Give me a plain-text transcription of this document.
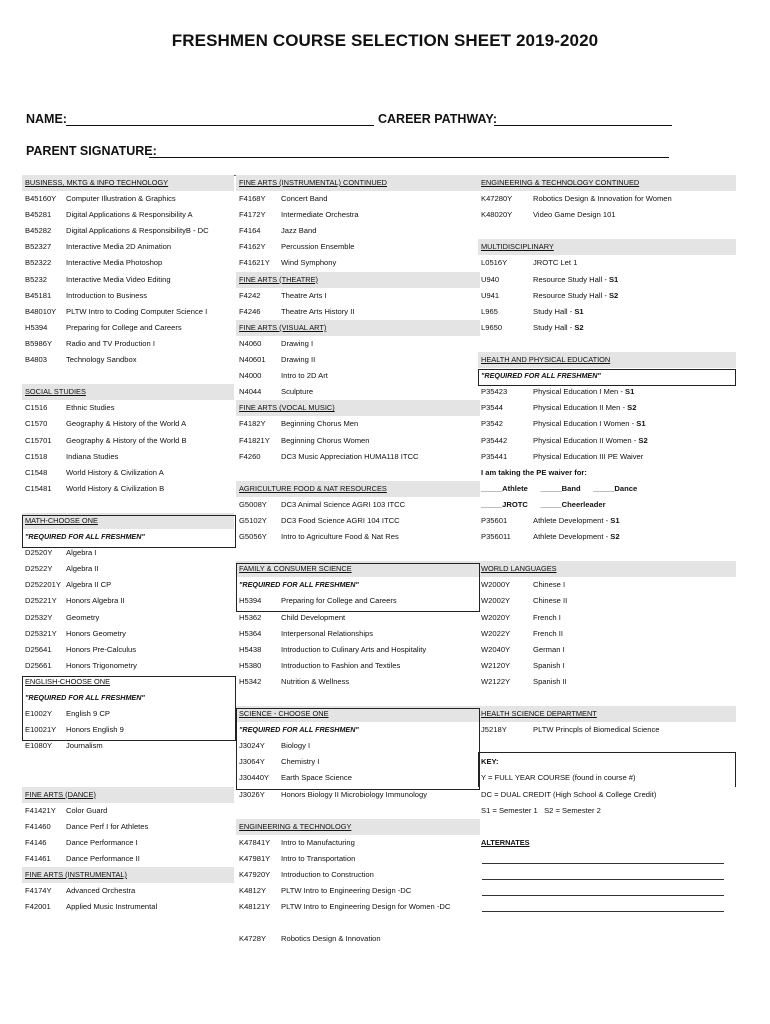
FRESHMEN COURSE SELECTION SHEET 2019-2020
NAME:	CAREER PATHWAY:
PARENT SIGNATURE:
BUSINESS, MKTG & INFO TECHNOLOGY
B45160Y Computer Illustration & Graphics
B45281 Digital Applications & Responsibility A
B45282 Digital Applications & ResponsibilityB - DC
B52327 Interactive Media 2D Animation
B52322 Interactive Media Photoshop
B5232	Interactive Media Video Editing
B45181 Introduction to Business
B48010Y PLTW Intro to Coding Computer Science I
H5394 Preparing for College and Careers
B5986Y Radio and TV Production I
B4803	Technology Sandbox
SOCIAL STUDIES
C1516 Ethnic Studies
C1570 Geography & History of the World A
C15701 Geography & History of the World B
C1518 Indiana Studies
C1548 World History & Civilization A
C15481 World History & Civilization B
MATH-CHOOSE ONE
"REQUIRED FOR ALL FRESHMEN"
D2520Y Algebra I
D2522Y Algebra II
D252201Y Algebra II CP
D25221Y Honors Algebra II
D2532Y Geometry
D25321Y Honors Geometry
D25641 Honors Pre-Calculus
D25661 Honors Trigonometry
ENGLISH-CHOOSE ONE
"REQUIRED FOR ALL FRESHMEN"
E1002Y English 9 CP
E10021Y Honors English 9
E1080Y Journalism
FINE ARTS (DANCE)
F41421Y Color Guard
F41460 Dance Perf I for Athletes
F4146	Dance Performance I
F41461 Dance Performance II
FINE ARTS (INSTRUMENTAL)
F4174Y Advanced Orchestra
F42001 Applied Music Instrumental
FINE ARTS (INSTRUMENTAL) CONTINUED
F4168Y Concert Band
F4172Y Intermediate Orchestra
F4164	Jazz Band
F4162Y Percussion Ensemble
F41621Y Wind Symphony
FINE ARTS (THEATRE)
F4242	Theatre Arts I
F4246	Theatre Arts History II
FINE ARTS (VISUAL ART)
N4060	Drawing I
N40601 Drawing II
N4000	Intro to 2D Art
N4044	Sculpture
FINE ARTS (VOCAL MUSIC)
F4182Y Beginning Chorus Men
F41821Y Beginning Chorus Women
F4260	DC3 Music Appreciation HUMA118 ITCC
AGRICULTURE FOOD & NAT RESOURCES
G5008Y DC3 Animal Science AGRI 103 ITCC
G5102Y DC3 Food Science AGRI 104 ITCC
G5056Y Intro to Agriculture Food & Nat Res
FAMILY & CONSUMER SCIENCE
"REQUIRED FOR ALL FRESHMEN"
H5394	Preparing for College and Careers
H5362	Child Development
H5364	Interpersonal Relationships
H5438	Introduction to Culinary Arts and Hospitality
H5380	Introduction to Fashion and Textiles
H5342	Nutrition & Wellness
SCIENCE - CHOOSE ONE
"REQUIRED FOR ALL FRESHMEN"
J3024Y Biology I
J3064Y Chemistry I
J30440Y Earth Space Science
J3026Y Honors Biology II Microbiology Immunology
ENGINEERING & TECHNOLOGY
K47841Y Intro to Manufacturing
K47981Y Intro to Transportation
K47920Y Introduction to Construction
K4812Y PLTW Intro to Engineering Design -DC
K48121Y PLTW Intro to Engineering Design for Women -DC
K4728Y Robotics Design & Innovation
ENGINEERING & TECHNOLOGY CONTINUED
K47280Y	Robotics Design & Innovation for Women
K48020Y	Video Game Design 101
MULTIDISCIPLINARY
L0516Y	JROTC Let 1
U940	Resource Study Hall - S1
U941	Resource Study Hall - S2
L965	Study Hall - S1
L9650	Study Hall - S2
HEALTH AND PHYSICAL EDUCATION
"REQUIRED FOR ALL FRESHMEN"
P35423	Physical Education I Men - S1
P3544	Physical Education II Men - S2
P3542	Physical Education I Women - S1
P35442	Physical Education II Women - S2
P35441	Physical Education III PE Waiver
I am taking the PE waiver for:
_____Athlete      _____Band      _____Dance
_____JROTC      _____Cheerleader
P35601	Athlete Development - S1
P356011	Athlete Development - S2
WORLD LANGUAGES
W2000Y	Chinese I
W2002Y	Chinese II
W2020Y	French I
W2022Y	French II
W2040Y	German I
W2120Y	Spanish I
W2122Y	Spanish II
HEALTH SCIENCE DEPARTMENT
J5218Y	PLTW Princpls of Biomedical Science
KEY:
Y = FULL YEAR COURSE (found in course #)
DC = DUAL CREDIT (High School & College Credit)
S1 = Semester 1   S2 = Semester 2
ALTERNATES
